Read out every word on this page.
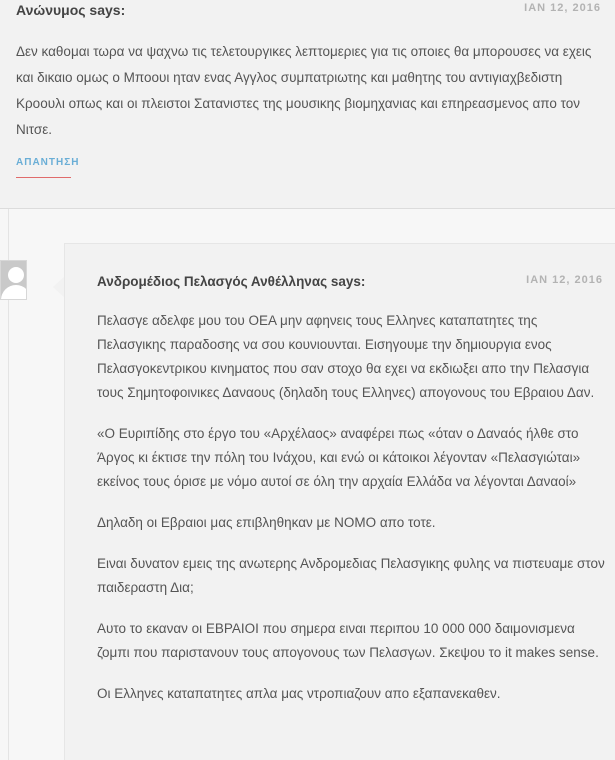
Ανώνυμος says:	IAN 12, 2016
Δεν καθομαι τωρα να ψαχνω τις τελετουργικες λεπτομεριες για τις οποιες θα μπορουσες να εχεις και δικαιο ομως ο Μποουι ηταν ενας Αγγλος συμπατριωτης και μαθητης του αντιγιαχβεδιστη Κροουλι οπως και οι πλειστοι Σατανιστες της μουσικης βιομηχανιας και επηρεασμενος απο τον Νιτσε.
ΑΠΑΝΤΗΣΗ
Ανδρομέδιος Πελασγός Ανθέλληνας says:	IAN 12, 2016

Πελασγε αδελφε μου του ΟΕΑ μην αφηνεις τους Ελληνες καταπατητες της Πελασγικης παραδοσης να σου κουνιουνται. Εισηγουμε την δημιουργια ενος Πελασγοκεντρικου κινηματος που σαν στοχο θα εχει να εκδιωξει απο την Πελασγια τους Σημητοφοινικες Δαναους (δηλαδη τους Ελληνες) απογονους του Εβραιου Δαν.

«Ο Ευριπίδης στο έργο του «Αρχέλαος» αναφέρει πως «όταν ο Δαναός ήλθε στο Άργος κι έκτισε την πόλη του Ινάχου, και ενώ οι κάτοικοι λέγονταν «Πελασγιώται» εκείνος τους όρισε με νόμο αυτοί σε όλη την αρχαία Ελλάδα να λέγονται Δαναοί»

Δηλαδη οι Εβραιοι μας επιβληθηκαν με ΝΟΜΟ απο τοτε.

Ειναι δυνατον εμεις της ανωτερης Ανδρομεδιας Πελασγικης φυλης να πιστευαμε στον παιδεραστη Δια;

Αυτο το εκαναν οι ΕΒΡΑΙΟΙ που σημερα ειναι περιπου 10 000 000 δαιμονισμενα ζομπι που παριστανουν τους απογονους των Πελασγων. Σκεψου το it makes sense.

Οι Ελληνες καταπατητες απλα μας ντροπιαζουν απο εξαπανεκαθεν.
